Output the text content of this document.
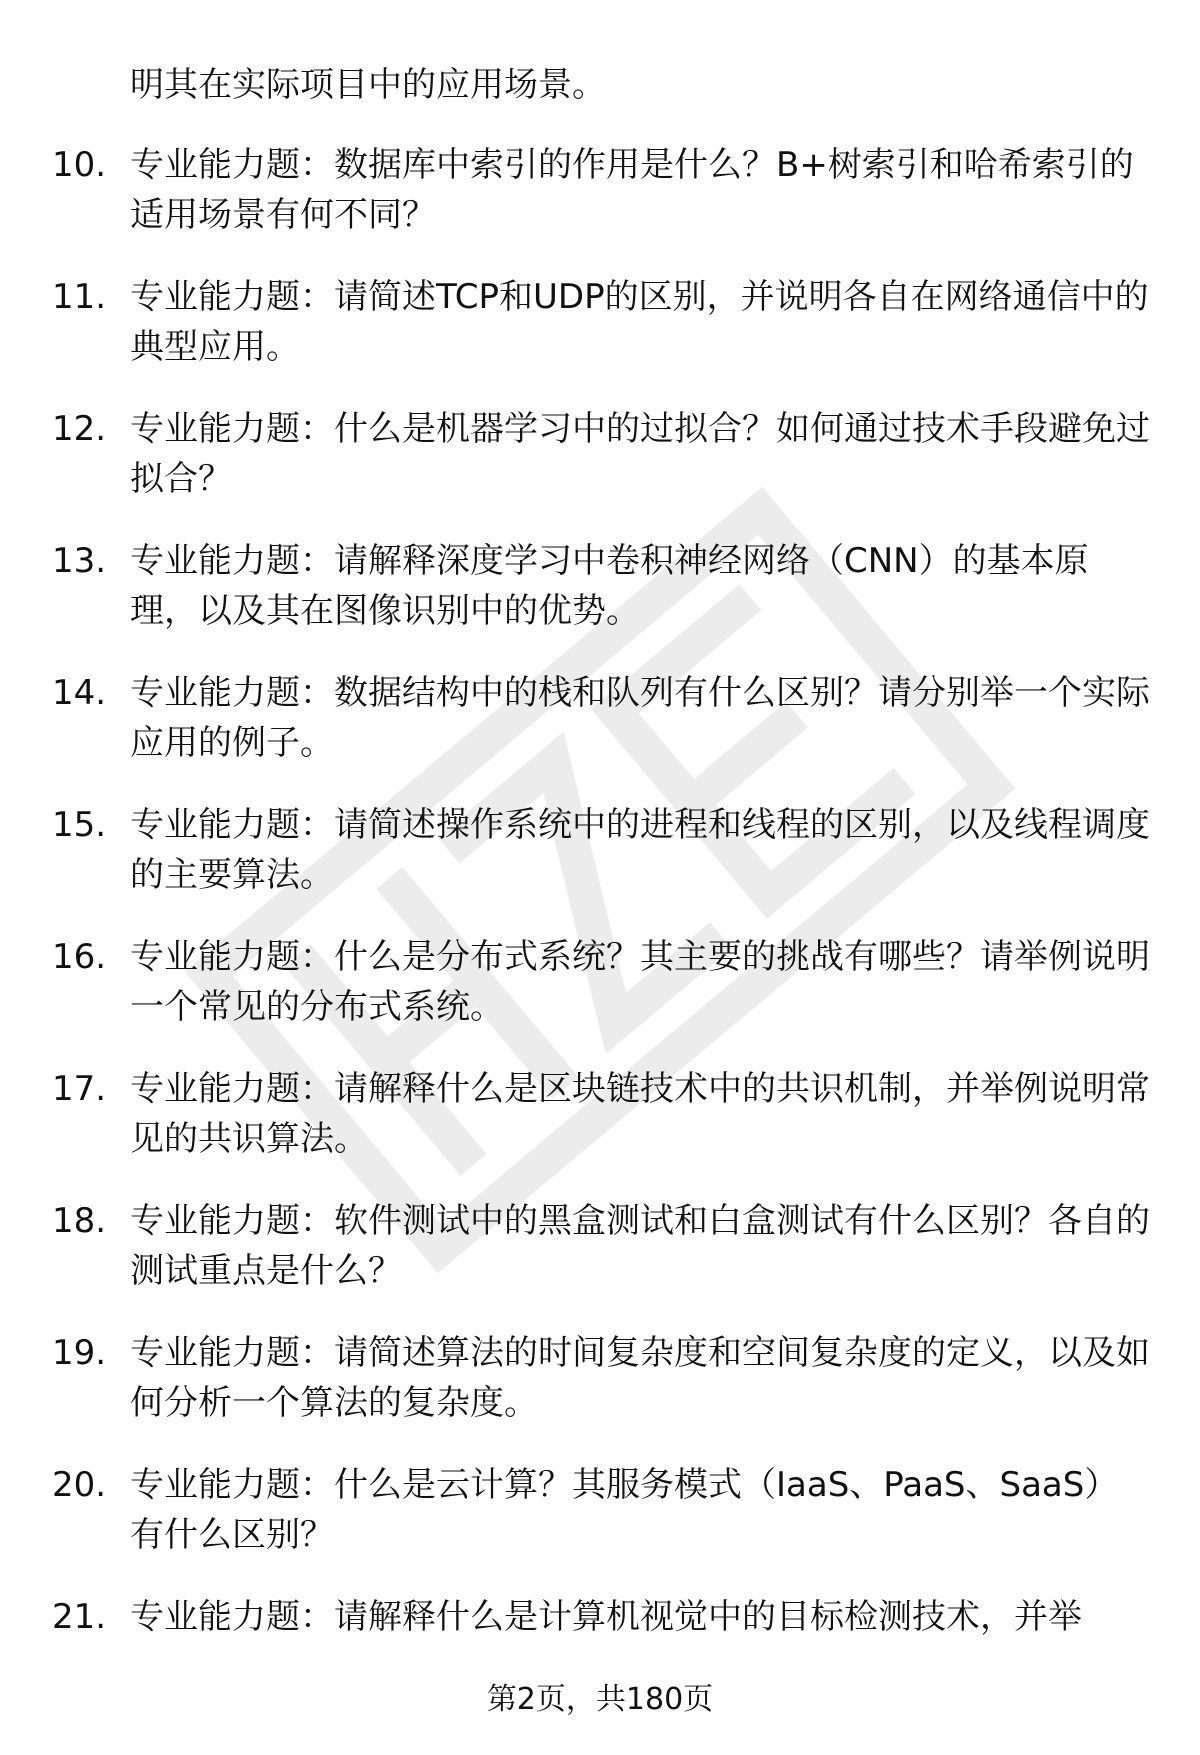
明其在实际项目中的应用场景。

10. 专业能力题：数据库中索引的作用是什么？B+树索引和哈希索引的适用场景有何不同？
11. 专业能力题：请简述TCP和UDP的区别，并说明各自在网络通信中的典型应用。
12. 专业能力题：什么是机器学习中的过拟合？如何通过技术手段避免过拟合？
13. 专业能力题：请解释深度学习中卷积神经网络（CNN）的基本原理，以及其在图像识别中的优势。
14. 专业能力题：数据结构中的栈和队列有什么区别？请分别举一个实际应用的例子。
15. 专业能力题：请简述操作系统中的进程和线程的区别，以及线程调度的主要算法。
16. 专业能力题：什么是分布式系统？其主要的挑战有哪些？请举例说明一个常见的分布式系统。
17. 专业能力题：请解释什么是区块链技术中的共识机制，并举例说明常见的共识算法。
18. 专业能力题：软件测试中的黑盒测试和白盒测试有什么区别？各自的测试重点是什么？
19. 专业能力题：请简述算法的时间复杂度和空间复杂度的定义，以及如何分析一个算法的复杂度。
20. 专业能力题：什么是云计算？其服务模式（IaaS、PaaS、SaaS）有什么区别？
21. 专业能力题：请解释什么是计算机视觉中的目标检测技术，并举
第2页，共180页
